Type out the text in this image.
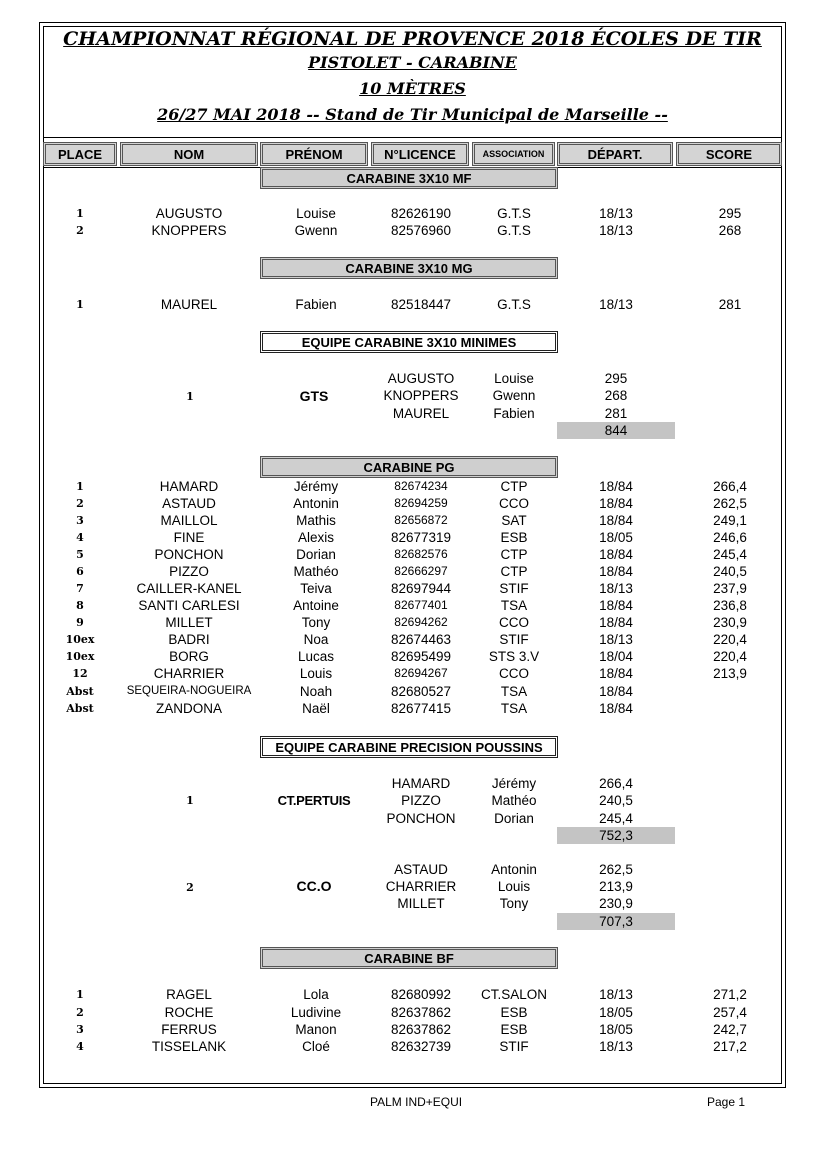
CHAMPIONNAT RÉGIONAL DE PROVENCE 2018 ÉCOLES DE TIR
PISTOLET - CARABINE
10 MÈTRES
26/27 MAI 2018 -- Stand de Tir Municipal de Marseille --
PLACE	NOM	PRÉNOM	N°LICENCE	ASSOCIATION	DÉPART.	SCORE
CARABINE 3X10 MF
CARABINE 3X10 MG
EQUIPE CARABINE 3X10 MINIMES
CARABINE PG
EQUIPE CARABINE PRECISION POUSSINS
CARABINE BF
1	AUGUSTO	Louise	82626190	G.T.S	18/13	295
2	KNOPPERS	Gwenn	82576960	G.T.S	18/13	268
1	MAUREL	Fabien	82518447	G.T.S	18/13	281
1	GTS
AUGUSTO	Louise	295
KNOPPERS	Gwenn	268
MAUREL	Fabien	281
844
1	HAMARD	Jérémy	82674234	CTP	18/84	266,4
2	ASTAUD	Antonin	82694259	CCO	18/84	262,5
3	MAILLOL	Mathis	82656872	SAT	18/84	249,1
4	FINE	Alexis	82677319	ESB	18/05	246,6
5	PONCHON	Dorian	82682576	CTP	18/84	245,4
6	PIZZO	Mathéo	82666297	CTP	18/84	240,5
7	CAILLER-KANEL	Teiva	82697944	STIF	18/13	237,9
8	SANTI CARLESI	Antoine	82677401	TSA	18/84	236,8
9	MILLET	Tony	82694262	CCO	18/84	230,9
10ex	BADRI	Noa	82674463	STIF	18/13	220,4
10ex	BORG	Lucas	82695499	STS 3.V	18/04	220,4
12	CHARRIER	Louis	82694267	CCO	18/84	213,9
Abst	SEQUEIRA-NOGUEIRA	Noah	82680527	TSA	18/84
Abst	ZANDONA	Naël	82677415	TSA	18/84
1	CT.PERTUIS
HAMARD	Jérémy	266,4
PIZZO	Mathéo	240,5
PONCHON	Dorian	245,4
752,3
2	CC.O
ASTAUD	Antonin	262,5
CHARRIER	Louis	213,9
MILLET	Tony	230,9
707,3
1	RAGEL	Lola	82680992	CT.SALON	18/13	271,2
2	ROCHE	Ludivine	82637862	ESB	18/05	257,4
3	FERRUS	Manon	82637862	ESB	18/05	242,7
4	TISSELANK	Cloé	82632739	STIF	18/13	217,2
PALM IND+EQUI	Page 1
